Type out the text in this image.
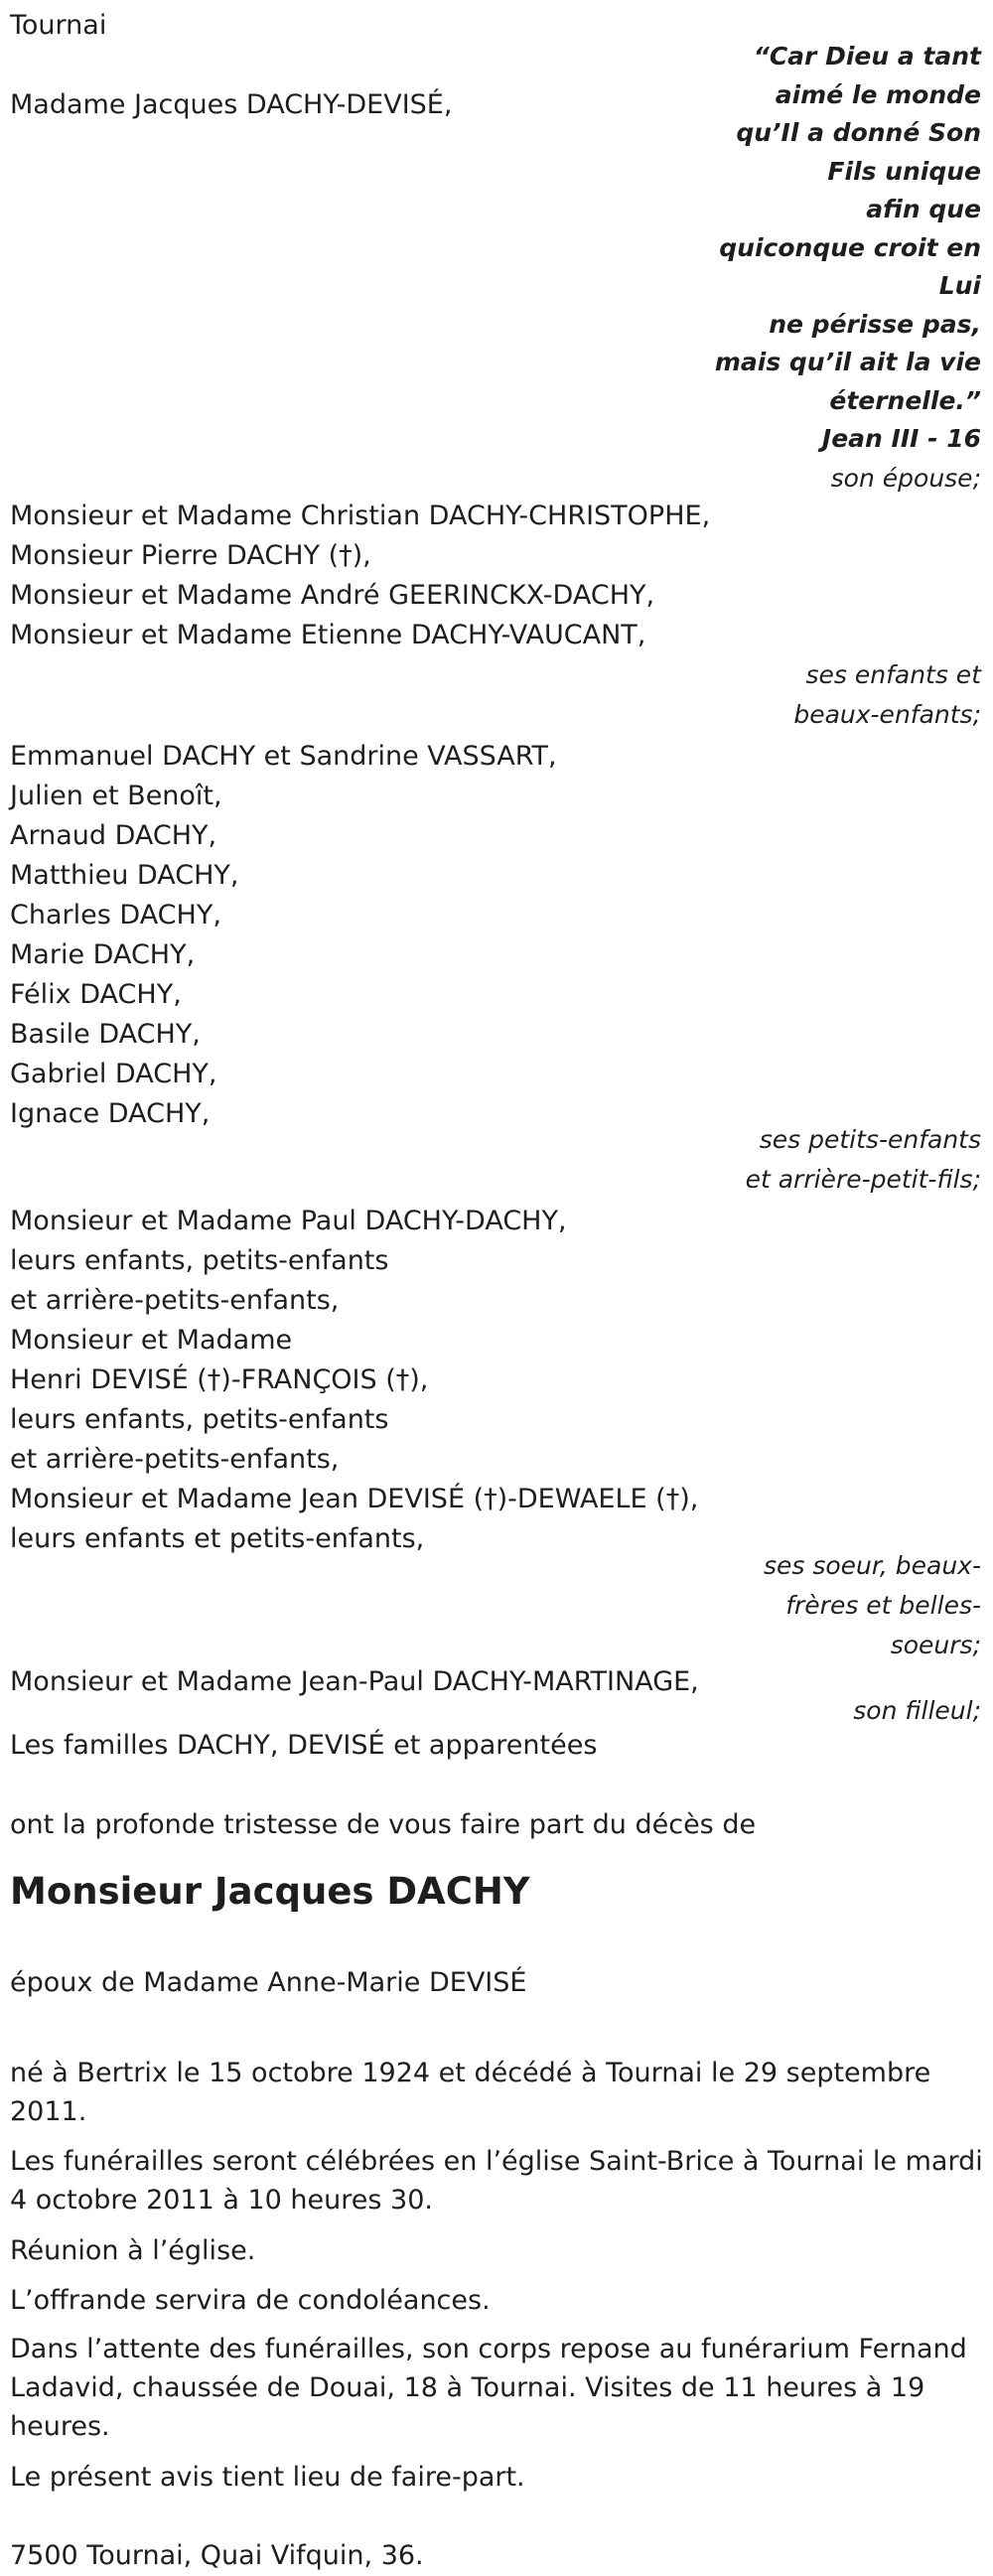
Tournai
Madame Jacques DACHY-DEVISÉ,
“Car Dieu a tant
aimé le monde
qu’Il a donné Son
Fils unique
afin que
quiconque croit en
Lui
ne périsse pas,
mais qu’il ait la vie
éternelle.”
Jean III - 16
son épouse;
Monsieur et Madame Christian DACHY-CHRISTOPHE,
Monsieur Pierre DACHY (†),
Monsieur et Madame André GEERINCKX-DACHY,
Monsieur et Madame Etienne DACHY-VAUCANT,
ses enfants et
beaux-enfants;
Emmanuel DACHY et Sandrine VASSART,
Julien et Benoît,
Arnaud DACHY,
Matthieu DACHY,
Charles DACHY,
Marie DACHY,
Félix DACHY,
Basile DACHY,
Gabriel DACHY,
Ignace DACHY,
ses petits-enfants
et arrière-petit-fils;
Monsieur et Madame Paul DACHY-DACHY,
leurs enfants, petits-enfants
et arrière-petits-enfants,
Monsieur et Madame
Henri DEVISÉ (†)-FRANÇOIS (†),
leurs enfants, petits-enfants
et arrière-petits-enfants,
Monsieur et Madame Jean DEVISÉ (†)-DEWAELE (†),
leurs enfants et petits-enfants,
ses soeur, beaux-
frères et belles-
soeurs;
Monsieur et Madame Jean-Paul DACHY-MARTINAGE,
son filleul;
Les familles DACHY, DEVISÉ et apparentées
ont la profonde tristesse de vous faire part du décès de
Monsieur Jacques DACHY
époux de Madame Anne-Marie DEVISÉ
né à Bertrix le 15 octobre 1924 et décédé à Tournai le 29 septembre
2011.
Les funérailles seront célébrées en l’église Saint-Brice à Tournai le mardi
4 octobre 2011 à 10 heures 30.
Réunion à l’église.
L’offrande servira de condoléances.
Dans l’attente des funérailles, son corps repose au funérarium Fernand
Ladavid, chaussée de Douai, 18 à Tournai. Visites de 11 heures à 19
heures.
Le présent avis tient lieu de faire-part.
7500 Tournai, Quai Vifquin, 36.
